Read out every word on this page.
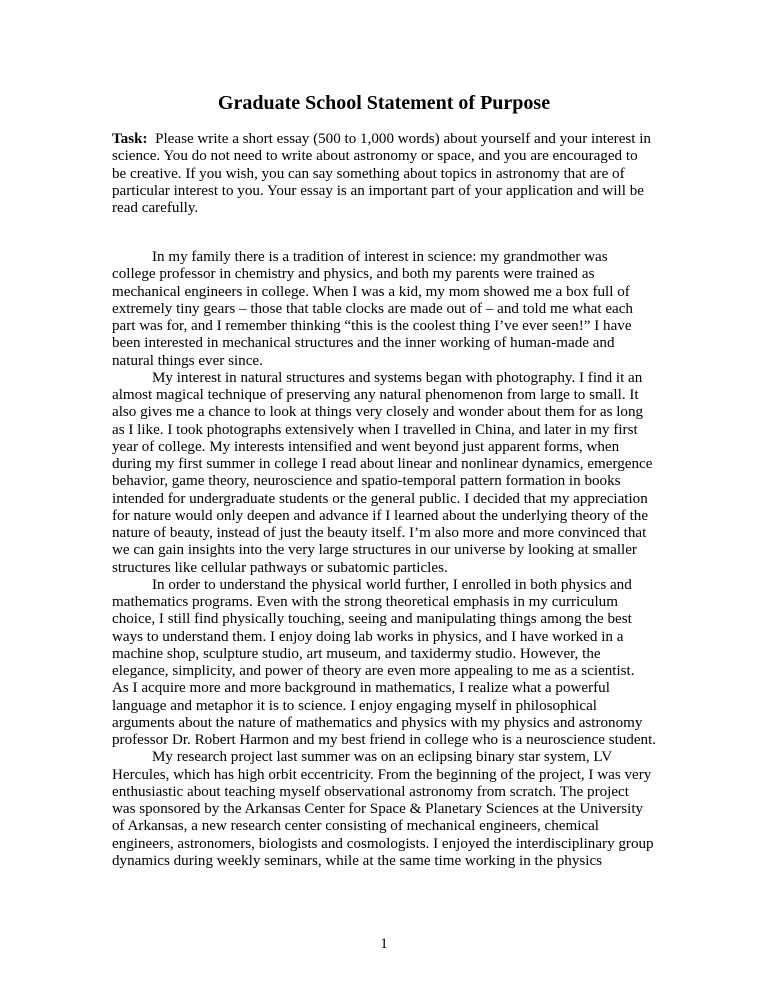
Graduate School Statement of Purpose
Task:  Please write a short essay (500 to 1,000 words) about yourself and your interest in
science. You do not need to write about astronomy or space, and you are encouraged to
be creative. If you wish, you can say something about topics in astronomy that are of
particular interest to you. Your essay is an important part of your application and will be
read carefully.
In my family there is a tradition of interest in science: my grandmother was
college professor in chemistry and physics, and both my parents were trained as
mechanical engineers in college. When I was a kid, my mom showed me a box full of
extremely tiny gears – those that table clocks are made out of – and told me what each
part was for, and I remember thinking “this is the coolest thing I’ve ever seen!” I have
been interested in mechanical structures and the inner working of human-made and
natural things ever since.
My interest in natural structures and systems began with photography. I find it an
almost magical technique of preserving any natural phenomenon from large to small. It
also gives me a chance to look at things very closely and wonder about them for as long
as I like. I took photographs extensively when I travelled in China, and later in my first
year of college. My interests intensified and went beyond just apparent forms, when
during my first summer in college I read about linear and nonlinear dynamics, emergence
behavior, game theory, neuroscience and spatio-temporal pattern formation in books
intended for undergraduate students or the general public. I decided that my appreciation
for nature would only deepen and advance if I learned about the underlying theory of the
nature of beauty, instead of just the beauty itself. I’m also more and more convinced that
we can gain insights into the very large structures in our universe by looking at smaller
structures like cellular pathways or subatomic particles.
In order to understand the physical world further, I enrolled in both physics and
mathematics programs. Even with the strong theoretical emphasis in my curriculum
choice, I still find physically touching, seeing and manipulating things among the best
ways to understand them. I enjoy doing lab works in physics, and I have worked in a
machine shop, sculpture studio, art museum, and taxidermy studio. However, the
elegance, simplicity, and power of theory are even more appealing to me as a scientist.
As I acquire more and more background in mathematics, I realize what a powerful
language and metaphor it is to science. I enjoy engaging myself in philosophical
arguments about the nature of mathematics and physics with my physics and astronomy
professor Dr. Robert Harmon and my best friend in college who is a neuroscience student.
My research project last summer was on an eclipsing binary star system, LV
Hercules, which has high orbit eccentricity. From the beginning of the project, I was very
enthusiastic about teaching myself observational astronomy from scratch. The project
was sponsored by the Arkansas Center for Space & Planetary Sciences at the University
of Arkansas, a new research center consisting of mechanical engineers, chemical
engineers, astronomers, biologists and cosmologists. I enjoyed the interdisciplinary group
dynamics during weekly seminars, while at the same time working in the physics
1
